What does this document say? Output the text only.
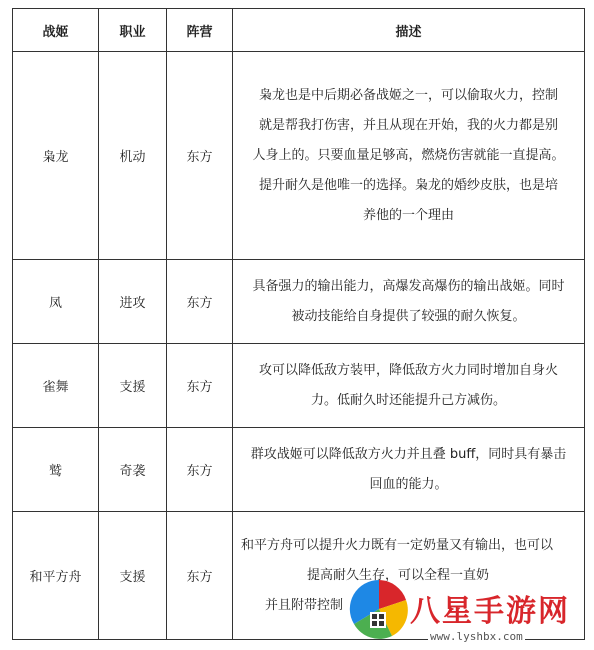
战姬	职业	阵营	描述
枭龙	机动	东方	枭龙也是中后期必备战姬之一，可以偷取火力，控制
就是帮我打伤害，并且从现在开始，我的火力都是别
人身上的。只要血量足够高，燃烧伤害就能一直提高。
提升耐久是他唯一的选择。枭龙的婚纱皮肤，也是培
养他的一个理由

凤	进攻	东方	具备强力的输出能力，高爆发高爆伤的输出战姬。同时
被动技能给自身提供了较强的耐久恢复。

雀舞	支援	东方	攻可以降低敌方装甲，降低敌方火力同时增加自身火
力。低耐久时还能提升己方减伤。

鹫	奇袭	东方	群攻战姬可以降低敌方火力并且叠 buff，同时具有暴击
回血的能力。

和平方舟	支援	东方	和平方舟可以提升火力既有一定奶量又有输出，也可以
提高耐久生存，可以全程一直奶
并且附带控制	八星手游网
www.lyshbx.com
